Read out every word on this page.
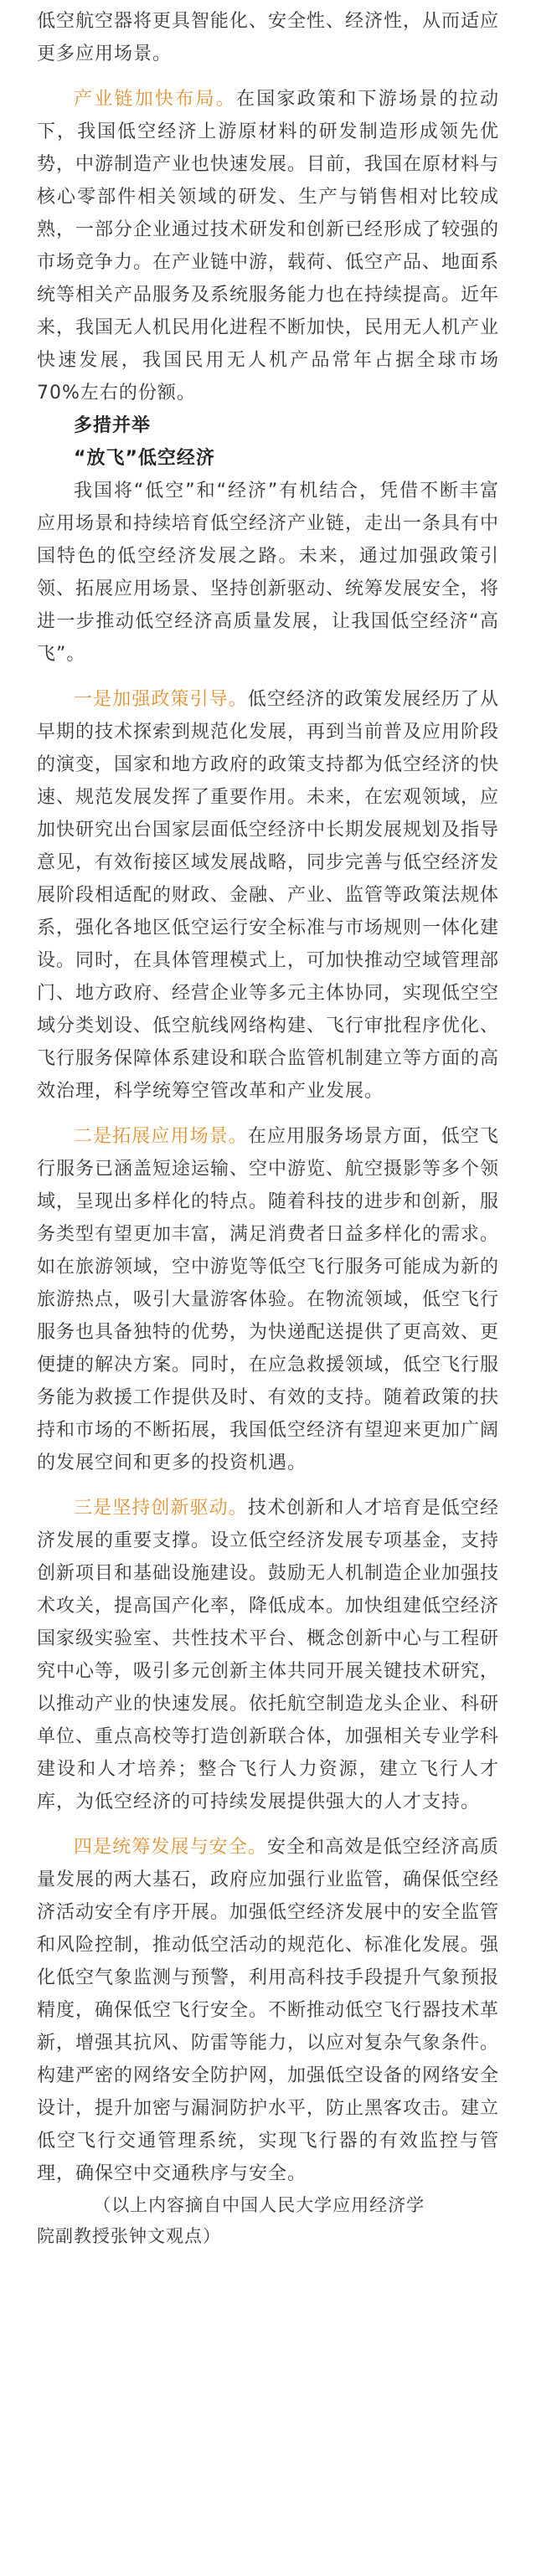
低空航空器将更具智能化、安全性、经济性，从而适应更多应用场景。

产业链加快布局。在国家政策和下游场景的拉动下，我国低空经济上游原材料的研发制造形成领先优势，中游制造产业也快速发展。目前，我国在原材料与核心零部件相关领域的研发、生产与销售相对比较成熟，一部分企业通过技术研发和创新已经形成了较强的市场竞争力。在产业链中游，载荷、低空产品、地面系统等相关产品服务及系统服务能力也在持续提高。近年来，我国无人机民用化进程不断加快，民用无人机产业快速发展，我国民用无人机产品常年占据全球市场70%左右的份额。

多措并举
“放飞”低空经济

我国将“低空”和“经济”有机结合，凭借不断丰富应用场景和持续培育低空经济产业链，走出一条具有中国特色的低空经济发展之路。未来，通过加强政策引领、拓展应用场景、坚持创新驱动、统筹发展安全，将进一步推动低空经济高质量发展，让我国低空经济“高飞”。

一是加强政策引导。低空经济的政策发展经历了从早期的技术探索到规范化发展，再到当前普及应用阶段的演变，国家和地方政府的政策支持都为低空经济的快速、规范发展发挥了重要作用。未来，在宏观领域，应加快研究出台国家层面低空经济中长期发展规划及指导意见，有效衔接区域发展战略，同步完善与低空经济发展阶段相适配的财政、金融、产业、监管等政策法规体系，强化各地区低空运行安全标准与市场规则一体化建设。同时，在具体管理模式上，可加快推动空域管理部门、地方政府、经营企业等多元主体协同，实现低空空域分类划设、低空航线网络构建、飞行审批程序优化、飞行服务保障体系建设和联合监管机制建立等方面的高效治理，科学统筹空管改革和产业发展。

二是拓展应用场景。在应用服务场景方面，低空飞行服务已涵盖短途运输、空中游览、航空摄影等多个领域，呈现出多样化的特点。随着科技的进步和创新，服务类型有望更加丰富，满足消费者日益多样化的需求。如在旅游领域，空中游览等低空飞行服务可能成为新的旅游热点，吸引大量游客体验。在物流领域，低空飞行服务也具备独特的优势，为快递配送提供了更高效、更便捷的解决方案。同时，在应急救援领域，低空飞行服务能为救援工作提供及时、有效的支持。随着政策的扶持和市场的不断拓展，我国低空经济有望迎来更加广阔的发展空间和更多的投资机遇。

三是坚持创新驱动。技术创新和人才培育是低空经济发展的重要支撑。设立低空经济发展专项基金，支持创新项目和基础设施建设。鼓励无人机制造企业加强技术攻关，提高国产化率，降低成本。加快组建低空经济国家级实验室、共性技术平台、概念创新中心与工程研究中心等，吸引多元创新主体共同开展关键技术研究，以推动产业的快速发展。依托航空制造龙头企业、科研单位、重点高校等打造创新联合体，加强相关专业学科建设和人才培养；整合飞行人力资源，建立飞行人才库，为低空经济的可持续发展提供强大的人才支持。

四是统筹发展与安全。安全和高效是低空经济高质量发展的两大基石，政府应加强行业监管，确保低空经济活动安全有序开展。加强低空经济发展中的安全监管和风险控制，推动低空活动的规范化、标准化发展。强化低空气象监测与预警，利用高科技手段提升气象预报精度，确保低空飞行安全。不断推动低空飞行器技术革新，增强其抗风、防雷等能力，以应对复杂气象条件。构建严密的网络安全防护网，加强低空设备的网络安全设计，提升加密与漏洞防护水平，防止黑客攻击。建立低空飞行交通管理系统，实现飞行器的有效监控与管理，确保空中交通秩序与安全。

（以上内容摘自中国人民大学应用经济学
院副教授张钟文观点）
